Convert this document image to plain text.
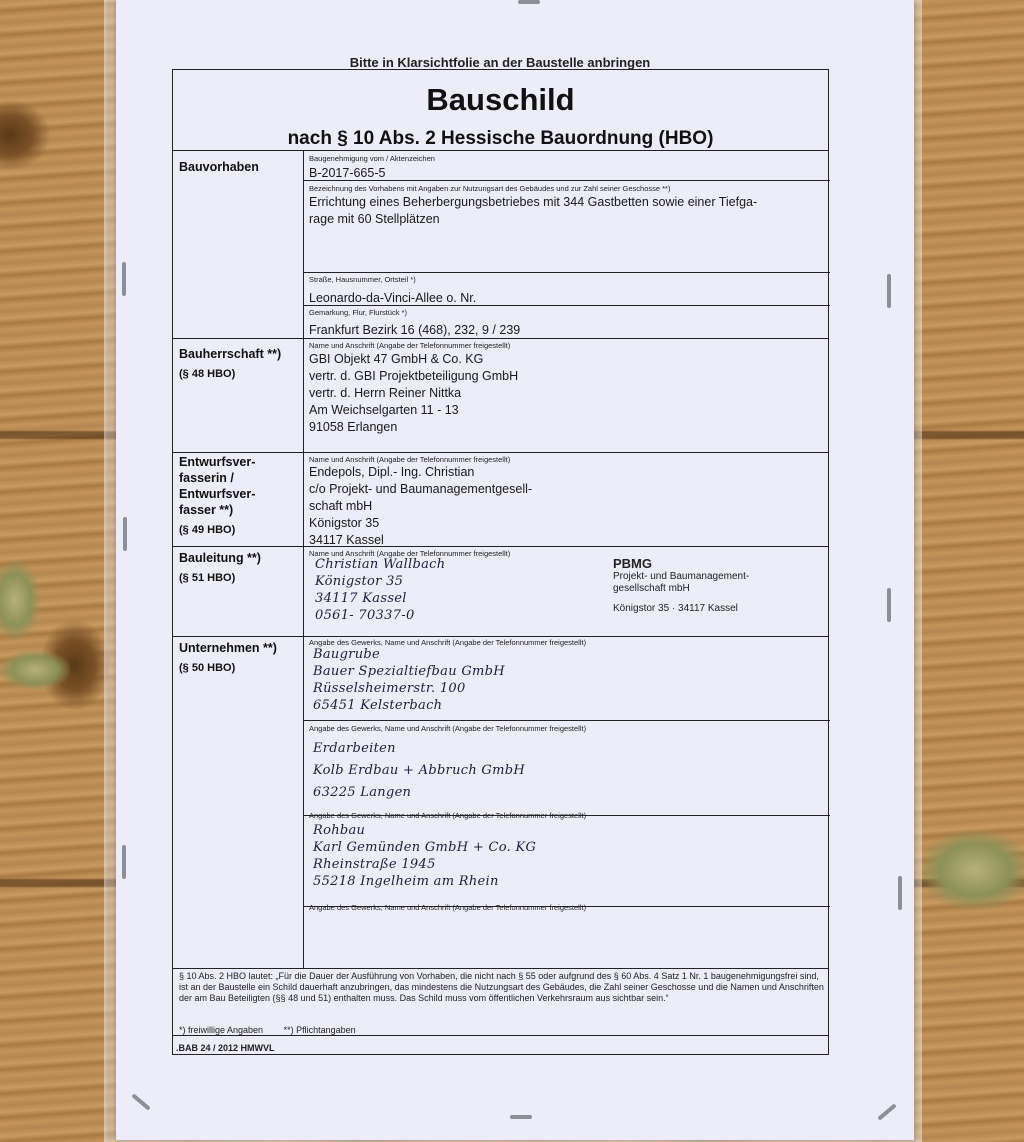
Bitte in Klarsichtfolie an der Baustelle anbringen
Bauschild
nach § 10 Abs. 2 Hessische Bauordnung (HBO)
Bauvorhaben
Baugenehmigung vom / Aktenzeichen
B-2017-665-5
Bezeichnung des Vorhabens mit Angaben zur Nutzungsart des Gebäudes und zur Zahl seiner Geschosse **)
Errichtung eines Beherbergungsbetriebes mit 344 Gastbetten sowie einer Tiefga-
rage mit 60 Stellplätzen
Straße, Hausnummer, Ortsteil *)
Leonardo-da-Vinci-Allee o. Nr.
Gemarkung, Flur, Flurstück *)
Frankfurt Bezirk 16 (468), 232, 9 / 239
Bauherrschaft **)
(§ 48 HBO)
Name und Anschrift (Angabe der Telefonnummer freigestellt)
GBI Objekt 47 GmbH & Co. KG
vertr. d. GBI Projektbeteiligung GmbH
vertr. d. Herrn Reiner Nittka
Am Weichselgarten 11 - 13
91058 Erlangen
Entwurfsver-
fasserin /
Entwurfsver-
fasser **)
(§ 49 HBO)
Name und Anschrift (Angabe der Telefonnummer freigestellt)
Endepols, Dipl.- Ing. Christian
c/o Projekt- und Baumanagementgesell-
schaft mbH
Königstor 35
34117 Kassel
Bauleitung **)
(§ 51 HBO)
Name und Anschrift (Angabe der Telefonnummer freigestellt)
Christian Wallbach
Königstor 35
34117 Kassel
0561- 70337-0
PBMG
Projekt- und Baumanagement-
gesellschaft mbH
Königstor 35 · 34117 Kassel
Unternehmen **)
(§ 50 HBO)
Angabe des Gewerks, Name und Anschrift (Angabe der Telefonnummer freigestellt)
Baugrube
Bauer Spezialtiefbau GmbH
Rüsselsheimerstr. 100
65451 Kelsterbach
Angabe des Gewerks, Name und Anschrift (Angabe der Telefonnummer freigestellt)
Erdarbeiten
Kolb Erdbau + Abbruch GmbH
63225 Langen
Angabe des Gewerks, Name und Anschrift (Angabe der Telefonnummer freigestellt)
Rohbau
Karl Gemünden GmbH + Co. KG
Rheinstraße 1945
55218 Ingelheim am Rhein
Angabe des Gewerks, Name und Anschrift (Angabe der Telefonnummer freigestellt)
§ 10 Abs. 2 HBO lautet: „Für die Dauer der Ausführung von Vorhaben, die nicht nach § 55 oder aufgrund des § 60 Abs. 4 Satz 1 Nr. 1 baugenehmigungsfrei sind, ist an der Baustelle ein Schild dauerhaft anzubringen, das mindestens die Nutzungsart des Gebäudes, die Zahl seiner Geschosse und die Namen und Anschriften der am Bau Beteiligten (§§ 48 und 51) enthalten muss. Das Schild muss vom öffentlichen Verkehrsraum aus sichtbar sein.“
*) freiwillige Angaben **) Pflichtangaben
.BAB 24 / 2012 HMWVL
